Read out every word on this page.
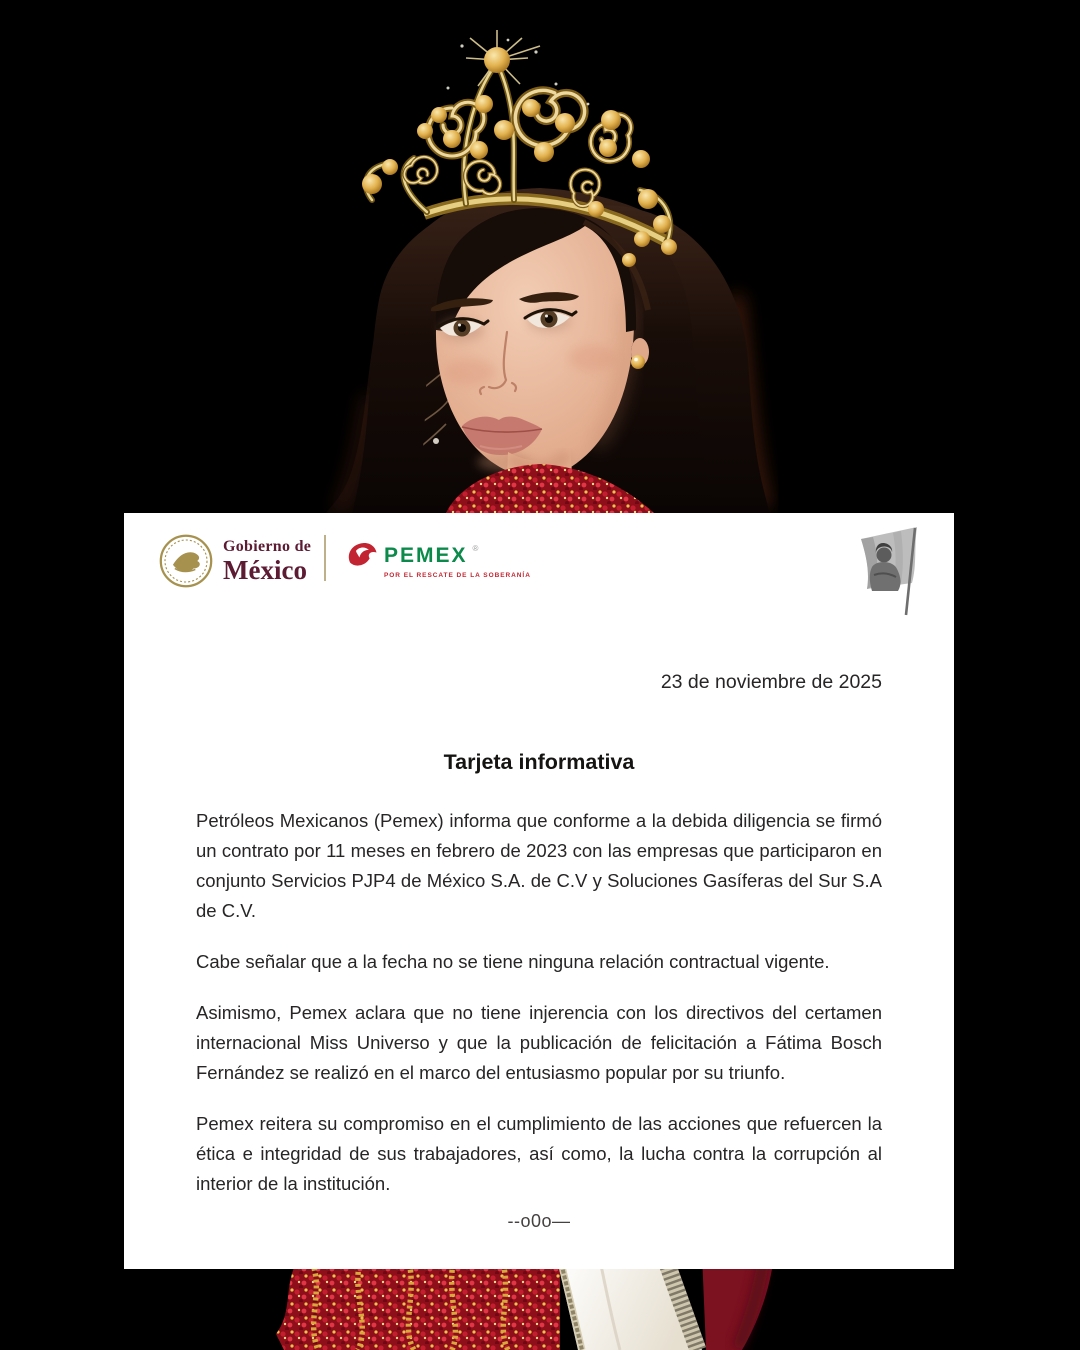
Gobierno de
México	PEMEX ®
POR EL RESCATE DE LA SOBERANÍA
23 de noviembre de 2025
Tarjeta informativa

Petróleos Mexicanos (Pemex) informa que conforme a la debida diligencia se firmó un contrato por 11 meses en febrero de 2023 con las empresas que participaron en conjunto Servicios PJP4 de México S.A. de C.V y Soluciones Gasíferas del Sur S.A de C.V.

Cabe señalar que a la fecha no se tiene ninguna relación contractual vigente.

Asimismo, Pemex aclara que no tiene injerencia con los directivos del certamen internacional Miss Universo y que la publicación de felicitación a Fátima Bosch Fernández se realizó en el marco del entusiasmo popular por su triunfo.

Pemex reitera su compromiso en el cumplimiento de las acciones que refuercen la ética e integridad de sus trabajadores, así como, la lucha contra la corrupción al interior de la institución.

--o0o—
